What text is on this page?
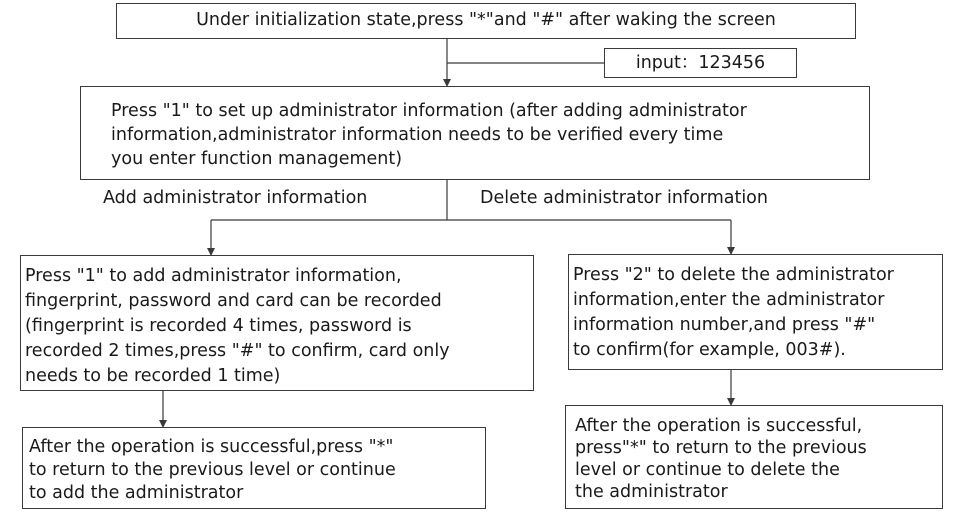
Under initialization state,press "*"and "#" after waking the screen

input：123456

Press "1" to set up administrator information (after adding administrator
information,administrator information needs to be verified every time
you enter function management)

Add administrator information	Delete administrator information

Press "1" to add administrator information,
fingerprint, password and card can be recorded
(fingerprint is recorded 4 times, password is
recorded 2 times,press "#" to confirm, card only
needs to be recorded 1 time)

Press "2" to delete the administrator
information,enter the administrator
information number,and press "#"
to confirm(for example, 003#).

After the operation is successful,press "*"
to return to the previous level or continue
to add the administrator

After the operation is successful,
press"*" to return to the previous
level or continue to delete the
the administrator
